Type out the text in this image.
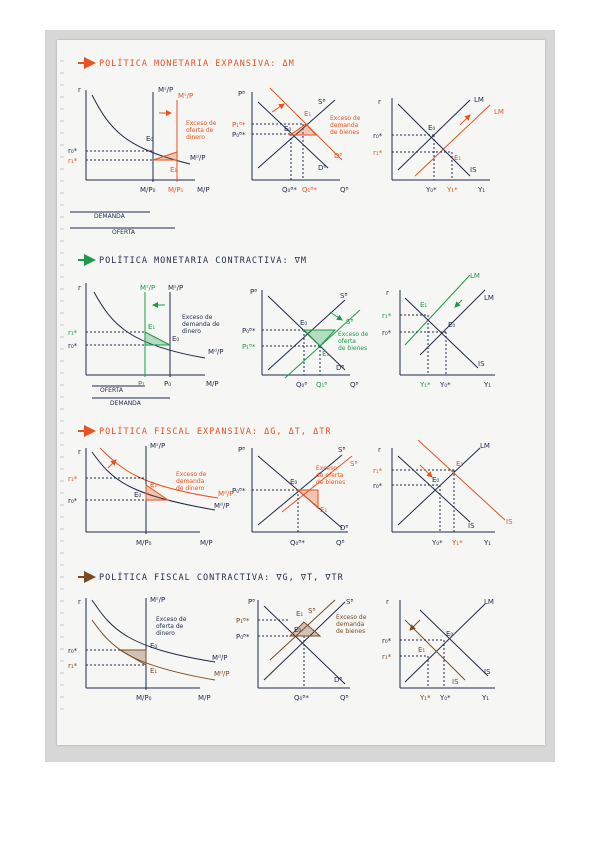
POLÍTICA MONETARIA EXPANSIVA: ΔM
r	Mˢ/P
Mˢ/P
Mᵈ/P
E₀
E₁
r₀*
r₁*
M/P₀ M/P₁ M/P
DEMANDA
OFERTA
Exceso de
oferta de
dinero
Pᴮ
Sᴮ
Dᴮ
Dᴮ
E₀
E₁
P₁ᴮ*
P₀ᴮ*
Q₀ᴮ* Q₁ᴮ*	Qᴮ
Exceso de
demanda
de bienes
r	LM
LM
IS
E₀
E₁
r₀*
r₁*
Y₀* Y₁*	Y₁
POLÍTICA MONETARIA CONTRACTIVA: ∇M
r	Mˢ/P Mˢ/P
Mᵈ/P
E₁
E₀
r₁*
r₀*
P₁	P₀	M/P
OFERTA
DEMANDA
Exceso de
demanda de
dinero
Pᴮ	Sᴮ
Sᴮ
Dᴮ
E₀
E₁
P₀ᴮ*
P₁ᴮ*
Q₀ᴮ Q₁ᴮ	Qᴮ
Exceso de
oferta
de bienes
r
LM
LM
IS
E₁
E₀
r₁*
r₀*
Y₁* Y₀*	Y₁
POLÍTICA FISCAL EXPANSIVA: ΔG, ΔT, ΔTR
r
Mˢ/P
Mᵈ/P
Mᵈ/P
E₁
E₀
r₁*
r₀*
M/P₀	M/P
Exceso de
demanda
de dinero
Pᴮ	Sᴮ
Sᴮ
Dᴮ
E₀
E₁
P₀ᴮ*
Q₀ᴮ*	Qᴮ
Exceso
de oferta
de bienes
r	LM
IS	IS
E₀
E₁
r₁*
r₀*
Y₀* Y₁*	Y₁
POLÍTICA FISCAL CONTRACTIVA: ∇G, ∇T, ∇TR
r	Mˢ/P
Mᵈ/P
Mᵈ/P
E₀
E₁
r₀*
r₁*
M/P₀	M/P
Exceso de
oferta de
dinero
Pᴮ	Sᴮ
Sᴮ
Dᴮ
E₀
E₁
P₁ᴮ*
P₀ᴮ*
Q₀ᴮ*	Qᴮ
Exceso de
demanda
de bienes
r	LM
IS
IS
E₀
E₁
r₀*
r₁*
Y₁* Y₀*	Y₁
